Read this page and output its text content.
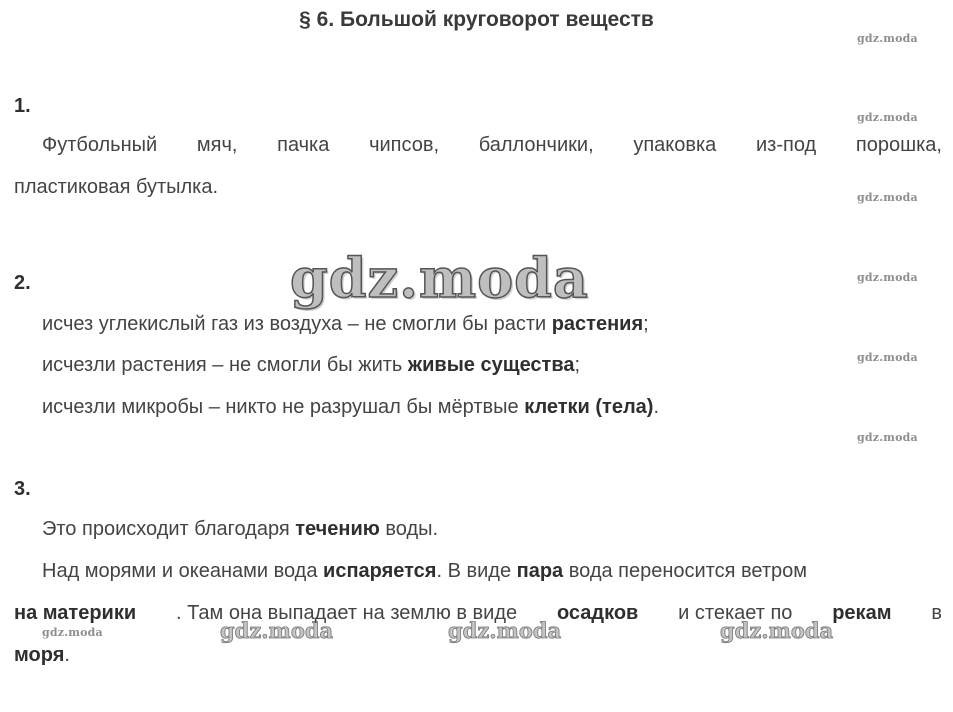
§ 6. Большой круговорот веществ
gdz.moda
gdz.moda
gdz.moda
gdz.moda
gdz.moda
gdz.moda
gdz.moda
gdz.moda
gdz.moda	gdz.moda	gdz.moda
1.
Футбольный мяч, пачка чипсов, баллончики, упаковка из-под порошка,
пластиковая бутылка.
2.
исчез углекислый газ из воздуха – не смогли бы расти растения;
исчезли растения – не смогли бы жить живые существа;
исчезли микробы – никто не разрушал бы мёртвые клетки (тела).
3.
Это происходит благодаря течению воды.
Над морями и океанами вода испаряется. В виде пара вода переносится ветром
на материки . Там она выпадает на землю в виде осадков и стекает по рекам в
моря.
